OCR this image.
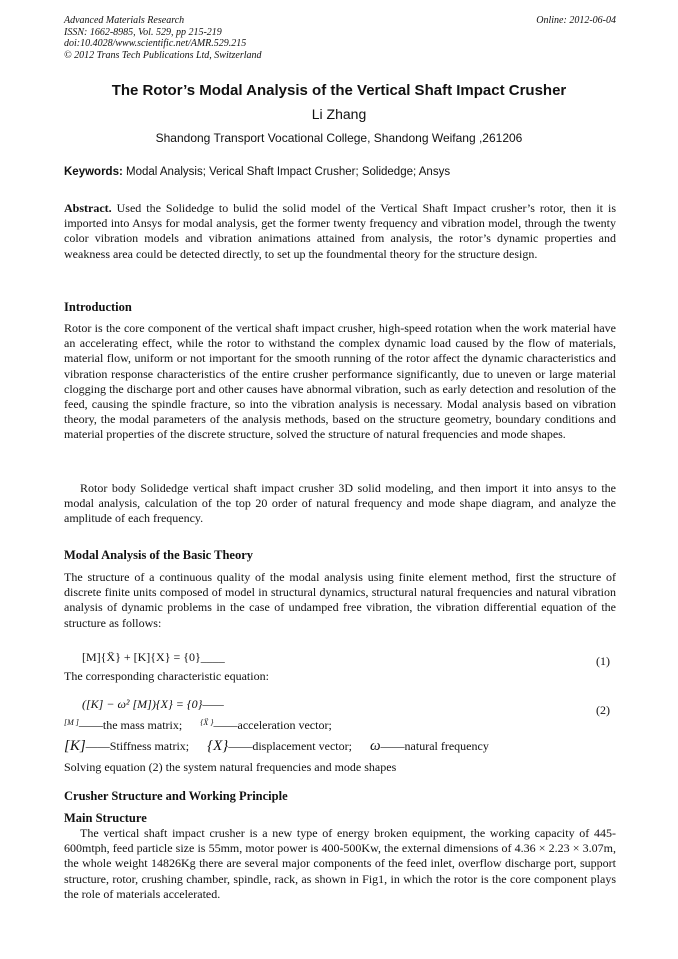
Advanced Materials Research
ISSN: 1662-8985, Vol. 529, pp 215-219
doi:10.4028/www.scientific.net/AMR.529.215
© 2012 Trans Tech Publications Ltd, Switzerland
Online: 2012-06-04
The Rotor’s Modal Analysis of the Vertical Shaft Impact Crusher
Li Zhang
Shandong Transport Vocational College, Shandong Weifang ,261206
Keywords: Modal Analysis; Verical Shaft Impact Crusher; Solidedge; Ansys
Abstract. Used the Solidedge to bulid the solid model of the Vertical Shaft Impact crusher’s rotor, then it is imported into Ansys for modal analysis, get the former twenty frequency and vibration model, through the twenty color vibration models and vibration animations attained from analysis, the rotor’s dynamic properties and weakness area could be detected directly, to set up the foundmental theory for the structure design.
Introduction
Rotor is the core component of the vertical shaft impact crusher, high-speed rotation when the work material have an accelerating effect, while the rotor to withstand the complex dynamic load caused by the flow of materials, material flow, uniform or not important for the smooth running of the rotor affect the dynamic characteristics and vibration response characteristics of the entire crusher performance significantly, due to uneven or large material clogging the discharge port and other causes have abnormal vibration, such as early detection and resolution of the feed, causing the spindle fracture, so into the vibration analysis is necessary. Modal analysis based on vibration theory, the modal parameters of the analysis methods, based on the structure geometry, boundary conditions and material properties of the discrete structure, solved the structure of natural frequencies and mode shapes.
Rotor body Solidedge vertical shaft impact crusher 3D solid modeling, and then import it into ansys to the modal analysis, calculation of the top 20 order of natural frequency and mode shape diagram, and analyze the amplitude of each frequency.
Modal Analysis of the Basic Theory
The structure of a continuous quality of the modal analysis using finite element method, first the structure of discrete finite units composed of model in structural dynamics, structural natural frequencies and natural vibration analysis of dynamic problems in the case of undamped free vibration, the vibration differential equation of the structure as follows:
[M]{Ẍ} + [K]{X} = {0}____	(1)
The corresponding characteristic equation:
([K] − ω² [M]){X} = {0}——	(2)
[M ]——the mass matrix; $^{\{Ẍ \}}$——acceleration vector;
[K]——Stiffness matrix; {X}——displacement vector; ω——natural frequency
Solving equation (2) the system natural frequencies and mode shapes
Crusher Structure and Working Principle
Main Structure
The vertical shaft impact crusher is a new type of energy broken equipment, the working capacity of 445-600mtph, feed particle size is 55mm, motor power is 400-500Kw, the external dimensions of 4.36 × 2.23 × 3.07m, the whole weight 14826Kg there are several major components of the feed inlet, overflow discharge port, support structure, rotor, crushing chamber, spindle, rack, as shown in Fig1, in which the rotor is the core component plays the role of materials accelerated.
